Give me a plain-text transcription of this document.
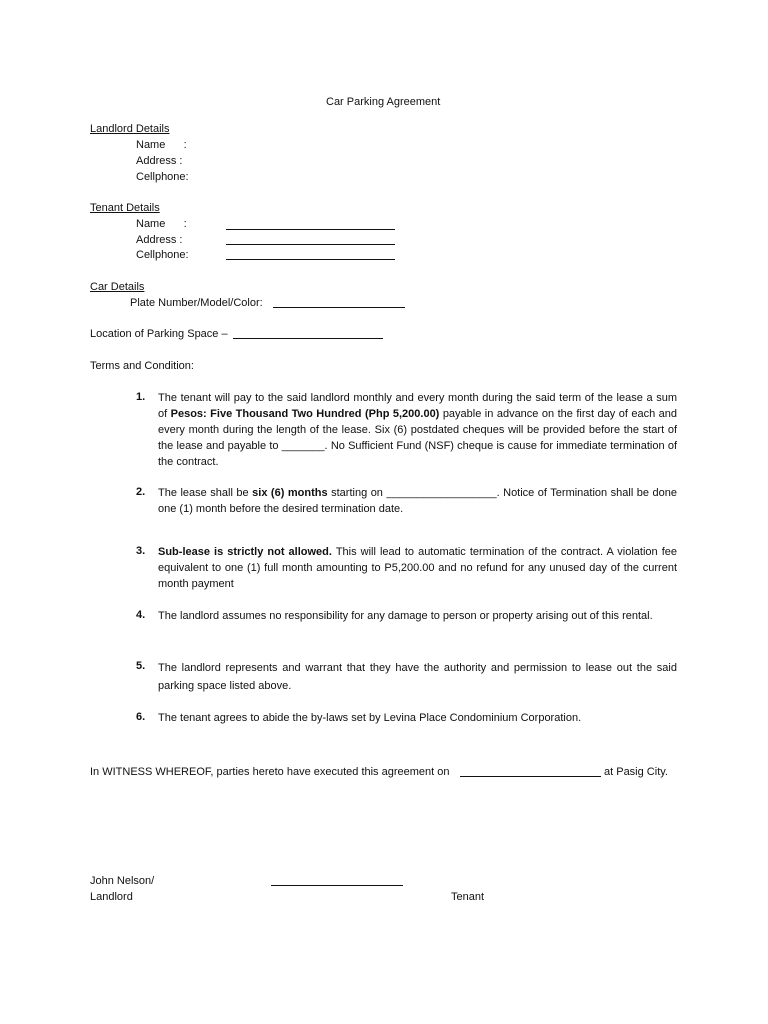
Car Parking Agreement
Landlord Details
Name      :
Address :
Cellphone:
Tenant Details
Name      :
Address :
Cellphone:
Car Details
Plate Number/Model/Color:
Location of Parking Space –
Terms and Condition:
1. The tenant will pay to the said landlord monthly and every month during the said term of the lease a sum of Pesos: Five Thousand Two Hundred (Php 5,200.00) payable in advance on the first day of each and every month during the length of the lease. Six (6) postdated cheques will be provided before the start of the lease and payable to _______. No Sufficient Fund (NSF) cheque is cause for immediate termination of the contract.
2. The lease shall be six (6) months starting on __________________. Notice of Termination shall be done one (1) month before the desired termination date.
3. Sub-lease is strictly not allowed. This will lead to automatic termination of the contract. A violation fee equivalent to one (1) full month amounting to P5,200.00 and no refund for any unused day of the current month payment
4. The landlord assumes no responsibility for any damage to person or property arising out of this rental.
5. The landlord represents and warrant that they have the authority and permission to lease out the said parking space listed above.
6. The tenant agrees to abide the by-laws set by Levina Place Condominium Corporation.
In WITNESS WHEREOF, parties hereto have executed this agreement on	at Pasig City.
John Nelson/
Landlord	Tenant
